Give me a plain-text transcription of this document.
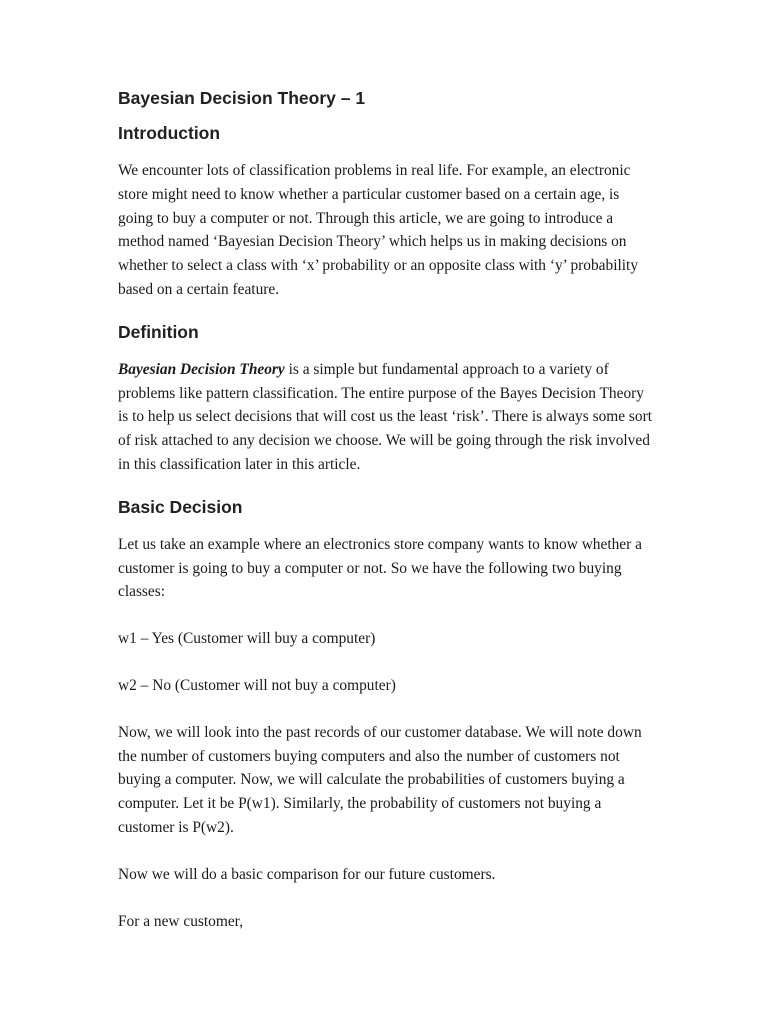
Bayesian Decision Theory – 1
Introduction

We encounter lots of classification problems in real life. For example, an electronic store might need to know whether a particular customer based on a certain age, is going to buy a computer or not. Through this article, we are going to introduce a method named ‘Bayesian Decision Theory’ which helps us in making decisions on whether to select a class with ‘x’ probability or an opposite class with ‘y’ probability based on a certain feature.

Definition

Bayesian Decision Theory is a simple but fundamental approach to a variety of problems like pattern classification. The entire purpose of the Bayes Decision Theory is to help us select decisions that will cost us the least ‘risk’. There is always some sort of risk attached to any decision we choose. We will be going through the risk involved in this classification later in this article.

Basic Decision

Let us take an example where an electronics store company wants to know whether a customer is going to buy a computer or not. So we have the following two buying classes:

w1 – Yes (Customer will buy a computer)

w2 – No (Customer will not buy a computer)

Now, we will look into the past records of our customer database. We will note down the number of customers buying computers and also the number of customers not buying a computer. Now, we will calculate the probabilities of customers buying a computer. Let it be P(w1). Similarly, the probability of customers not buying a customer is P(w2).

Now we will do a basic comparison for our future customers.

For a new customer,
